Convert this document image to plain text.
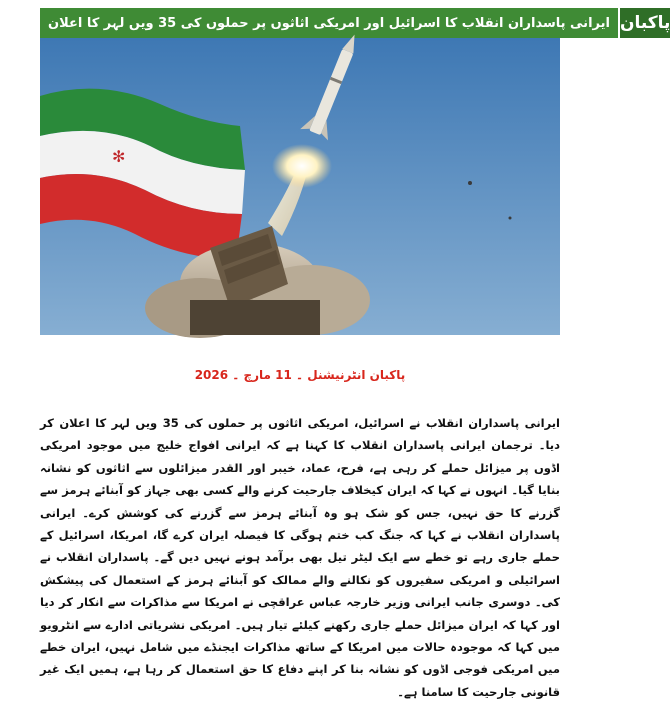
ایرانی پاسداران انقلاب کا اسرائیل اور امریکی اثاثوں پر حملوں کی 35 ویں لہر کا اعلان پاکبان
✻
پاکبان انٹرنیشنل ۔ 11 مارچ ۔ 2026

ایرانی پاسداران انقلاب نے اسرائیل، امریکی اثاثوں پر حملوں کی 35 ویں لہر کا اعلان کر دیا۔ ترجمان ایرانی پاسداران انقلاب کا کہنا ہے کہ ایرانی افواج خلیج میں موجود امریکی اڈوں پر میزائل حملے کر رہی ہے، فرح، عماد، خیبر اور القدر میزائلوں سے اثاثوں کو نشانہ بنایا گیا۔ انہوں نے کہا کہ ایران کیخلاف جارحیت کرنے والے کسی بھی جہاز کو آبنائے ہرمز سے گزرنے کا حق نہیں، جس کو شک ہو وہ آبنائے ہرمز سے گزرنے کی کوشش کرے۔ ایرانی پاسداران انقلاب نے کہا کہ جنگ کب ختم ہوگی کا فیصلہ ایران کرے گا، امریکا، اسرائیل کے حملے جاری رہے تو خطے سے ایک لیٹر تیل بھی برآمد ہونے نہیں دیں گے۔ پاسداران انقلاب نے اسرائیلی و امریکی سفیروں کو نکالنے والے ممالک کو آبنائے ہرمز کے استعمال کی پیشکش کی۔ دوسری جانب ایرانی وزیر خارجہ عباس عراقچی نے امریکا سے مذاکرات سے انکار کر دیا اور کہا کہ ایران میزائل حملے جاری رکھنے کیلئے تیار ہیں۔ امریکی نشریاتی ادارے سے انٹرویو میں کہا کہ موجودہ حالات میں امریکا کے ساتھ مذاکرات ایجنڈے میں شامل نہیں، ایران خطے میں امریکی فوجی اڈوں کو نشانہ بنا کر اپنے دفاع کا حق استعمال کر رہا ہے، ہمیں ایک غیر قانونی جارحیت کا سامنا ہے۔
